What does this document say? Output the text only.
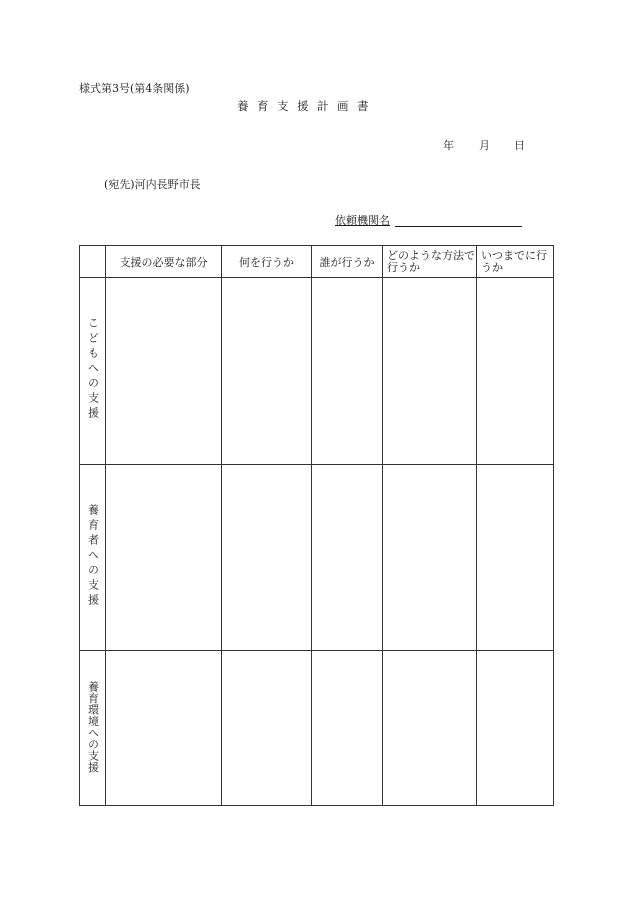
様式第3号(第4条関係)
養育支援計画書
年 月 日
(宛先)河内長野市長
依頼機関名
	支援の必要な部分	何を行うか	誰が行うか	どのような方法で行うか	いつまでに行うか
こどもへの支援					
養育者への支援					
養育環境への支援					
